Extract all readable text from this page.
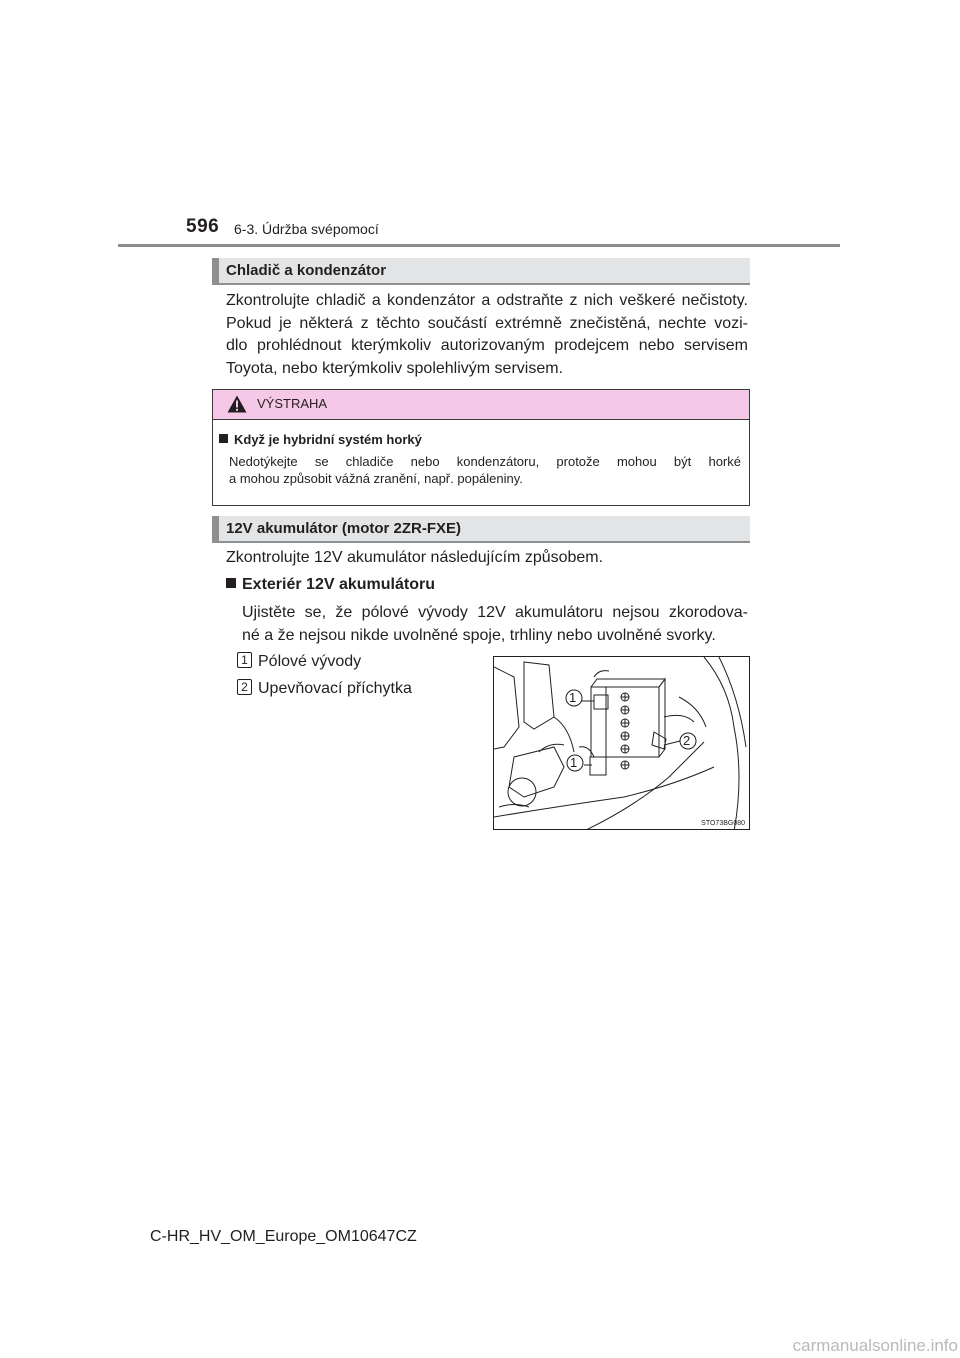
596 6-3. Údržba svépomocí
Chladič a kondenzátor
Zkontrolujte chladič a kondenzátor a odstraňte z nich veškeré nečistoty.
Pokud je některá z těchto součástí extrémně znečistěná, nechte vozi-
dlo prohlédnout kterýmkoliv autorizovaným prodejcem nebo servisem
Toyota, nebo kterýmkoliv spolehlivým servisem.
VÝSTRAHA
Když je hybridní systém horký
Nedotýkejte se chladiče nebo kondenzátoru, protože mohou být horké
a mohou způsobit vážná zranění, např. popáleniny.
12V akumulátor (motor 2ZR-FXE)
Zkontrolujte 12V akumulátor následujícím způsobem.
Exteriér 12V akumulátoru
Ujistěte se, že pólové vývody 12V akumulátoru nejsou zkorodova-
né a že nejsou nikde uvolněné spoje, trhliny nebo uvolněné svorky.
1 Pólové vývody
2 Upevňovací příchytka
1
2
1
STO73BG080
C-HR_HV_OM_Europe_OM10647CZ
carmanualsonline.info
